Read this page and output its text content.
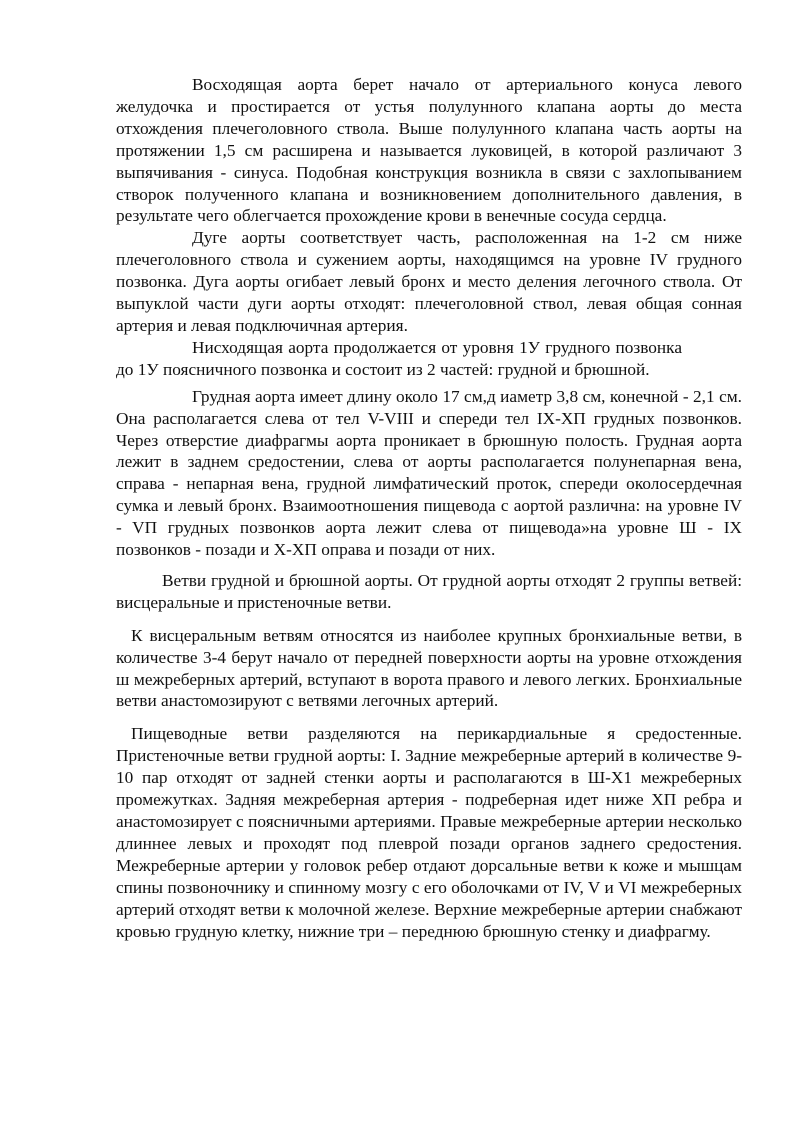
Восходящая аорта берет начало от артериального конуса левого желудочка и простирается от устья полулунного клапана аорты до места отхождения плечеголовного ствола. Выше полулунного клапана часть аорты на протяжении 1,5 см расширена и называется луковицей, в которой различают 3 выпячивания - синуса. Подобная конструкция возникла в связи с захлопыванием створок полученного клапана и возникновением дополнительного давления, в результате чего облегчается прохождение крови в венечные сосуда сердца.

Дуге аорты соответствует часть, расположенная на 1-2 см ниже плечеголовного ствола и сужением аорты, находящимся на уровне IV грудного позвонка. Дуга аорты огибает левый бронх и место деления легочного ствола. От выпуклой части дуги аорты отходят: плечеголовной ствол, левая общая сонная артерия и левая подключичная артерия.

Нисходящая аорта продолжается от уровня 1У грудного позвонка до 1У поясничного позвонка и состоит из 2 частей: грудной и брюшной.

Грудная аорта имеет длину около 17 см,д иаметр 3,8 см, конечной - 2,1 см. Она располагается слева от тел V-VIII и спереди тел IX-ХП грудных позвонков. Через отверстие диафрагмы аорта проникает в брюшную полость. Грудная аорта лежит в заднем средостении, слева от аорты располагается полунепарная вена, справа - непарная вена, грудной лимфатический проток, спереди околосердечная сумка и левый бронх. Взаимоотношения пищевода с аортой различна: на уровне IV - VП грудных позвонков аорта лежит слева от пищевода»на уровне Ш - IX позвонков - позади и Х-ХП оправа и позади от них.

Ветви грудной и брюшной аорты. От грудной аорты отходят 2 группы ветвей: висцеральные и пристеночные ветви.

К висцеральным ветвям относятся из наиболее крупных бронхиальные ветви, в количестве 3-4 берут начало от передней поверхности аорты на уровне отхождения ш межреберных артерий, вступают в ворота правого и левого легких. Бронхиальные ветви анастомозируют с ветвями легочных артерий.

Пищеводные ветви разделяются на перикардиальные я средостенные. Пристеночные ветви грудной аорты: I. Задние межреберные артерий в количестве 9-10 пар отходят от задней стенки аорты и располагаются в Ш-Х1 межреберных промежутках. Задняя межреберная артерия - подреберная идет ниже ХП ребра и анастомозирует с поясничными артериями. Правые межреберные артерии несколько длиннее левых и проходят под плеврой позади органов заднего средостения. Межреберные артерии у головок ребер отдают дорсальные ветви к коже и мышцам спины позвоночнику и спинному мозгу с его оболочками от IV, V и VI межреберных артерий отходят ветви к молочной железе. Верхние межреберные артерии снабжают кровью грудную клетку, нижние три – переднюю брюшную стенку и диафрагму.
